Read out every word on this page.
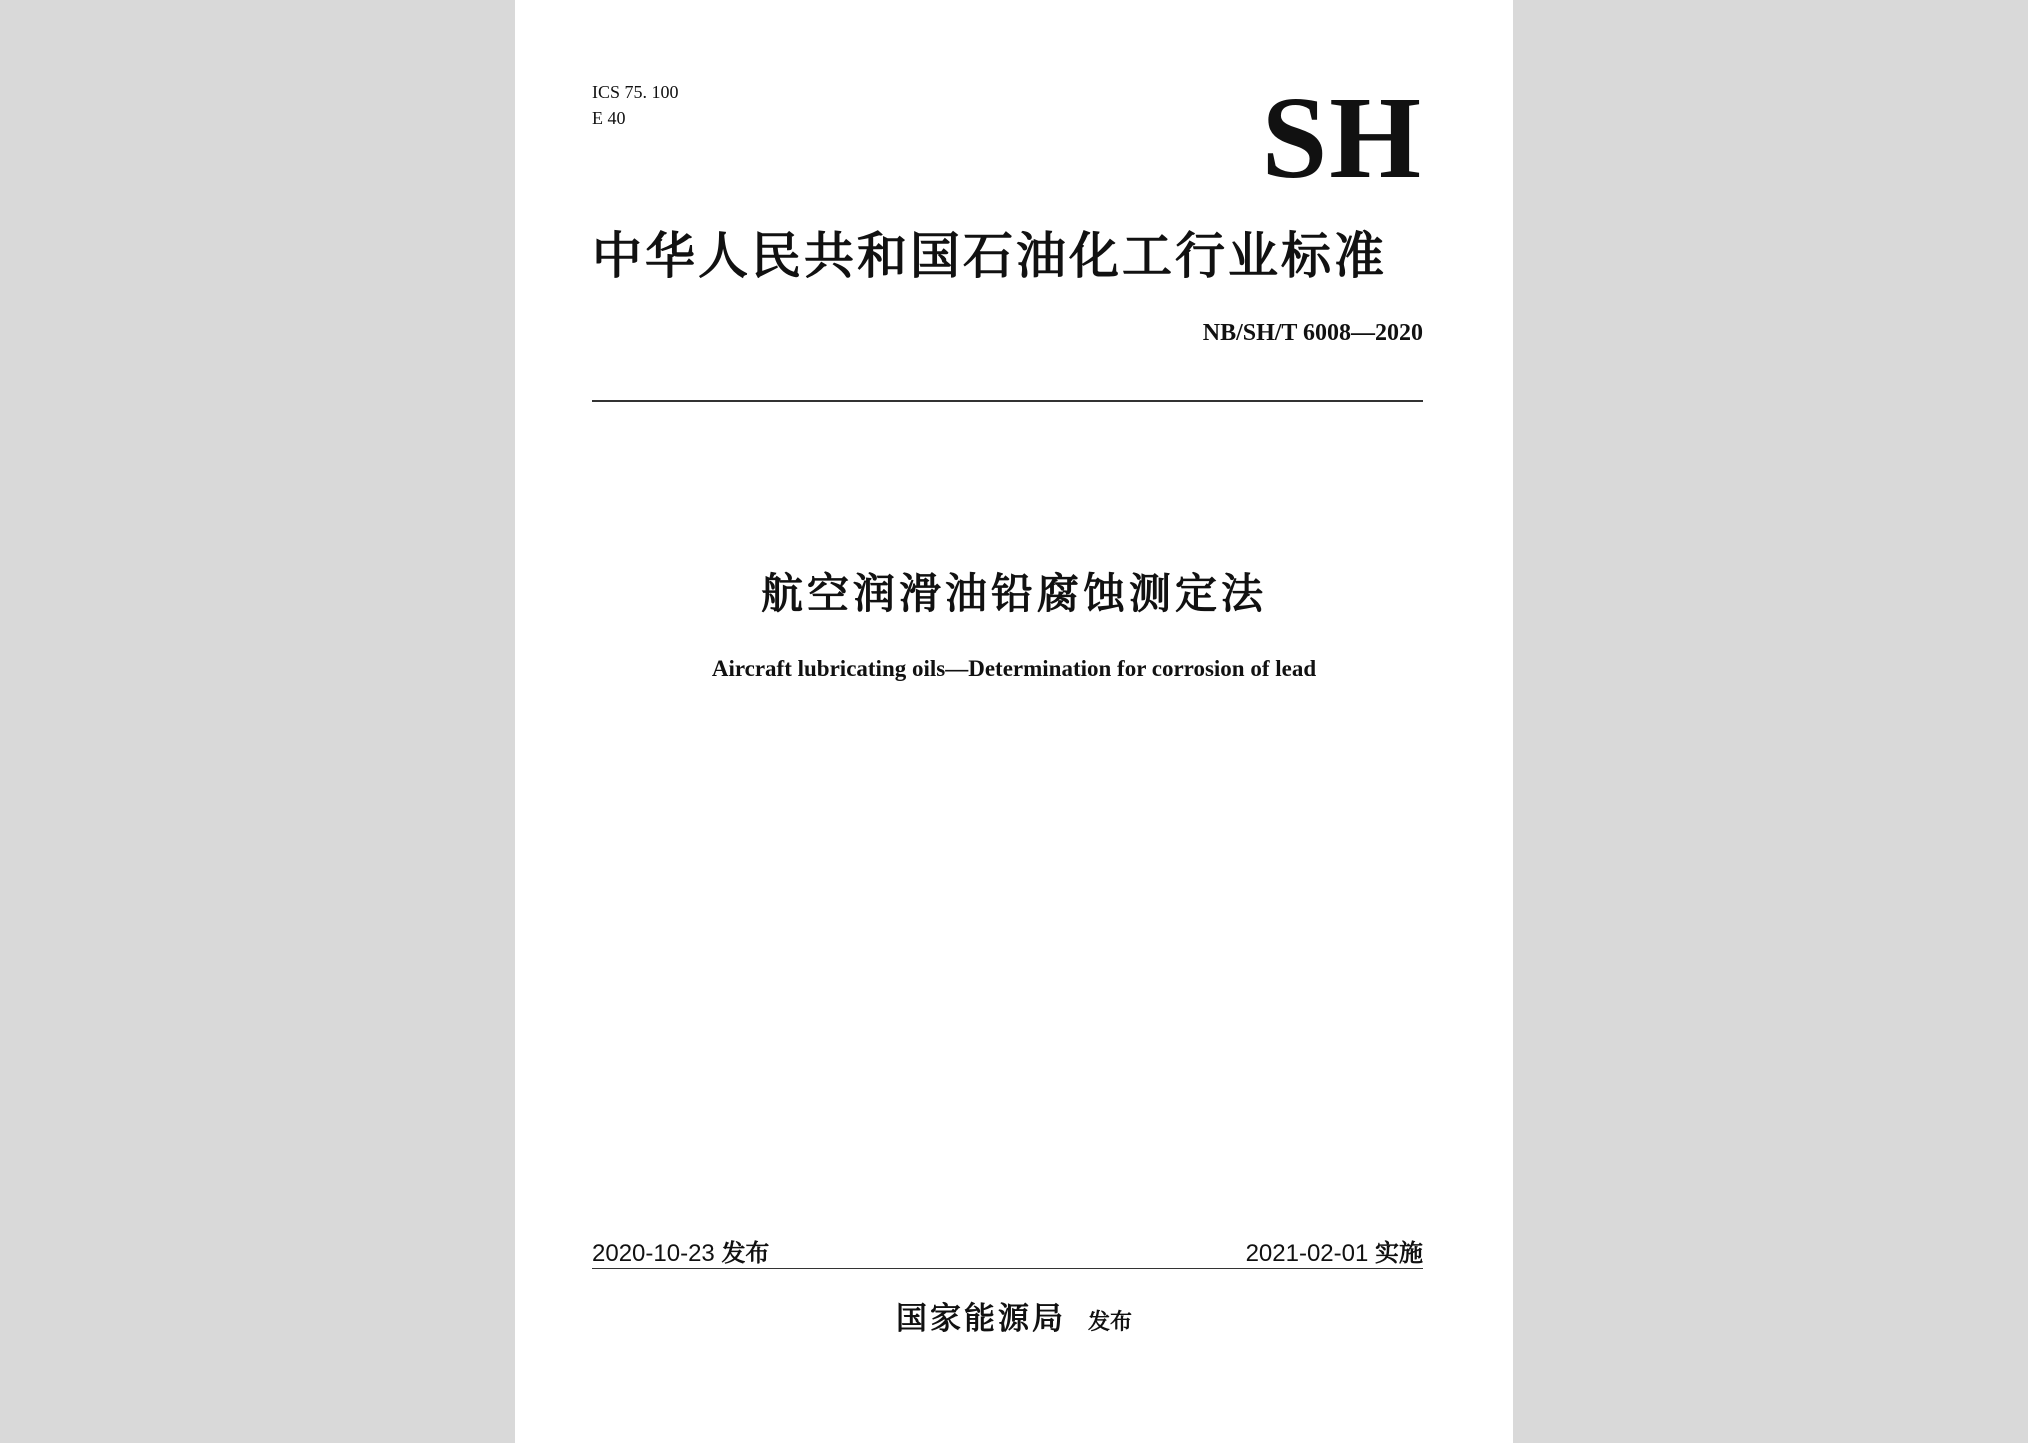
ICS 75. 100

E 40	SH

中华人民共和国石油化工行业标准

NB/SH/T 6008—2020

航空润滑油铅腐蚀测定法

Aircraft lubricating oils—Determination for corrosion of lead

2020-10-23 发布	2021-02-01 实施

国家能源局 发布
